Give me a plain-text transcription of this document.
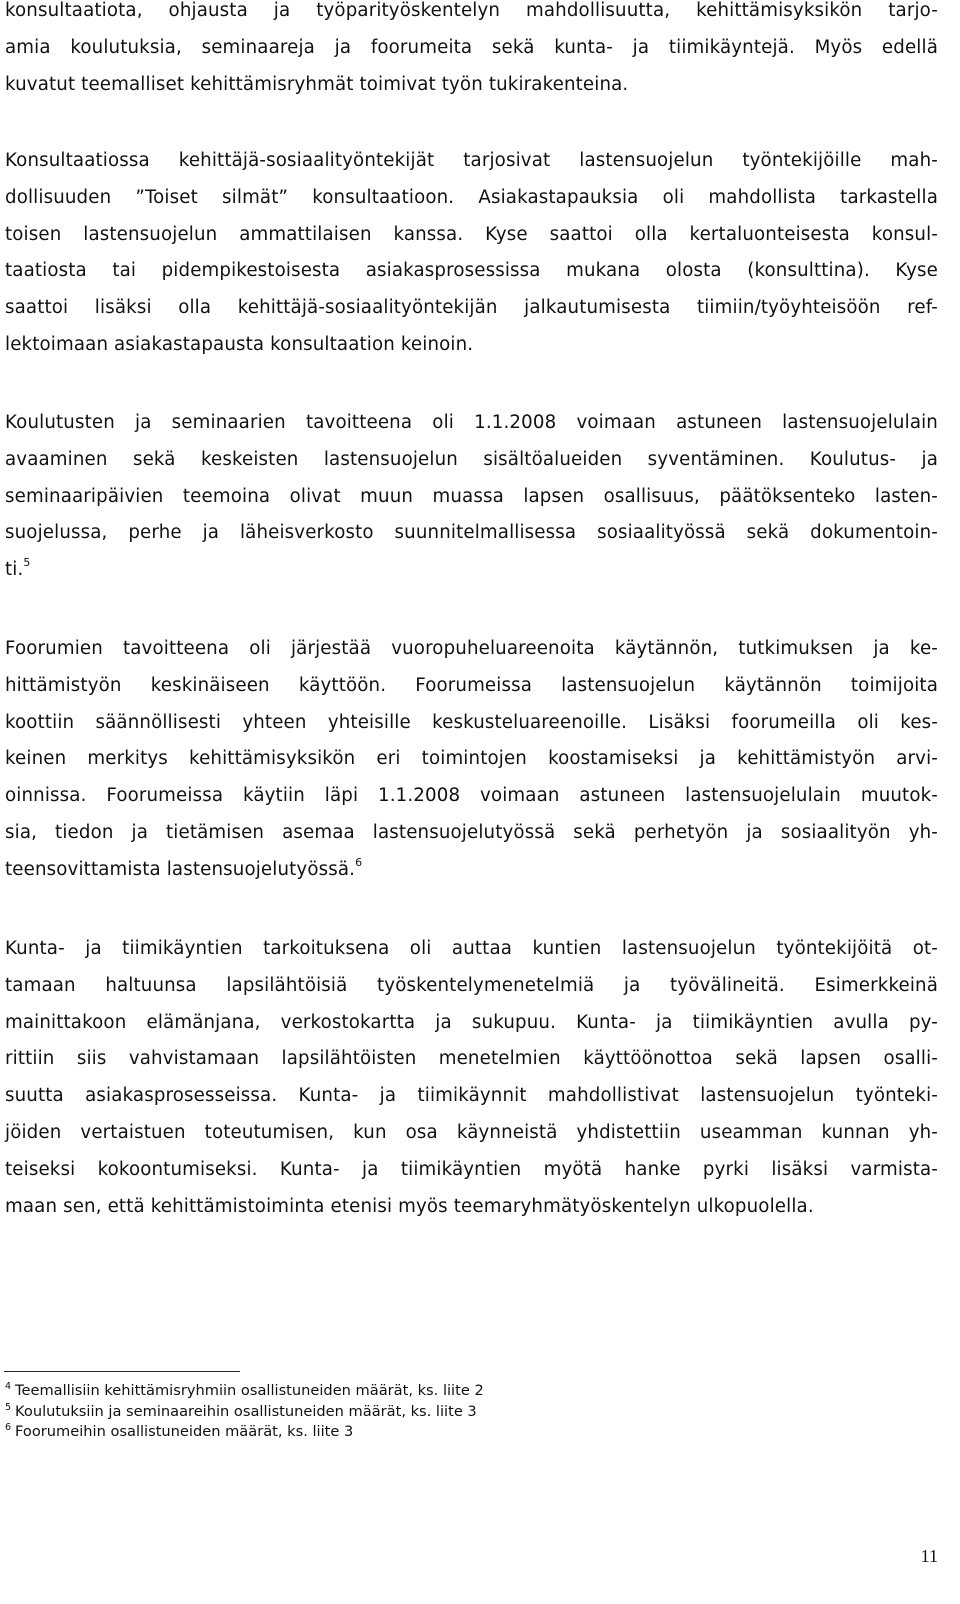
konsultaatiota, ohjausta ja työparityöskentelyn mahdollisuutta, kehittämisyksikön tarjo-
amia koulutuksia, seminaareja ja foorumeita sekä kunta- ja tiimikäyntejä. Myös edellä
kuvatut teemalliset kehittämisryhmät toimivat työn tukirakenteina.
Konsultaatiossa kehittäjä-sosiaalityöntekijät tarjosivat lastensuojelun työntekijöille mah-
dollisuuden ”Toiset silmät” konsultaatioon. Asiakastapauksia oli mahdollista tarkastella
toisen lastensuojelun ammattilaisen kanssa. Kyse saattoi olla kertaluonteisesta konsul-
taatiosta tai pidempikestoisesta asiakasprosessissa mukana olosta (konsulttina). Kyse
saattoi lisäksi olla kehittäjä-sosiaalityöntekijän jalkautumisesta tiimiin/työyhteisöön ref-
lektoimaan asiakastapausta konsultaation keinoin.
Koulutusten ja seminaarien tavoitteena oli 1.1.2008 voimaan astuneen lastensuojelulain
avaaminen sekä keskeisten lastensuojelun sisältöalueiden syventäminen. Koulutus- ja
seminaaripäivien teemoina olivat muun muassa lapsen osallisuus, päätöksenteko lasten-
suojelussa, perhe ja läheisverkosto suunnitelmallisessa sosiaalityössä sekä dokumentoin-
ti.$^5$
Foorumien tavoitteena oli järjestää vuoropuheluareenoita käytännön, tutkimuksen ja ke-
hittämistyön keskinäiseen käyttöön. Foorumeissa lastensuojelun käytännön toimijoita
koottiin säännöllisesti yhteen yhteisille keskusteluareenoille. Lisäksi foorumeilla oli kes-
keinen merkitys kehittämisyksikön eri toimintojen koostamiseksi ja kehittämistyön arvi-
oinnissa. Foorumeissa käytiin läpi 1.1.2008 voimaan astuneen lastensuojelulain muutok-
sia, tiedon ja tietämisen asemaa lastensuojelutyössä sekä perhetyön ja sosiaalityön yh-
teensovittamista lastensuojelutyössä.$^6$
Kunta- ja tiimikäyntien tarkoituksena oli auttaa kuntien lastensuojelun työntekijöitä ot-
tamaan haltuunsa lapsilähtöisiä työskentelymenetelmiä ja työvälineitä. Esimerkkeinä
mainittakoon elämänjana, verkostokartta ja sukupuu. Kunta- ja tiimikäyntien avulla py-
rittiin siis vahvistamaan lapsilähtöisten menetelmien käyttöönottoa sekä lapsen osalli-
suutta asiakasprosesseissa. Kunta- ja tiimikäynnit mahdollistivat lastensuojelun työnteki-
jöiden vertaistuen toteutumisen, kun osa käynneistä yhdistettiin useamman kunnan yh-
teiseksi kokoontumiseksi. Kunta- ja tiimikäyntien myötä hanke pyrki lisäksi varmista-
maan sen, että kehittämistoiminta etenisi myös teemaryhmätyöskentelyn ulkopuolella.
$^4$ Teemallisiin kehittämisryhmiin osallistuneiden määrät, ks. liite 2
$^5$ Koulutuksiin ja seminaareihin osallistuneiden määrät, ks. liite 3
$^6$ Foorumeihin osallistuneiden määrät, ks. liite 3
11
